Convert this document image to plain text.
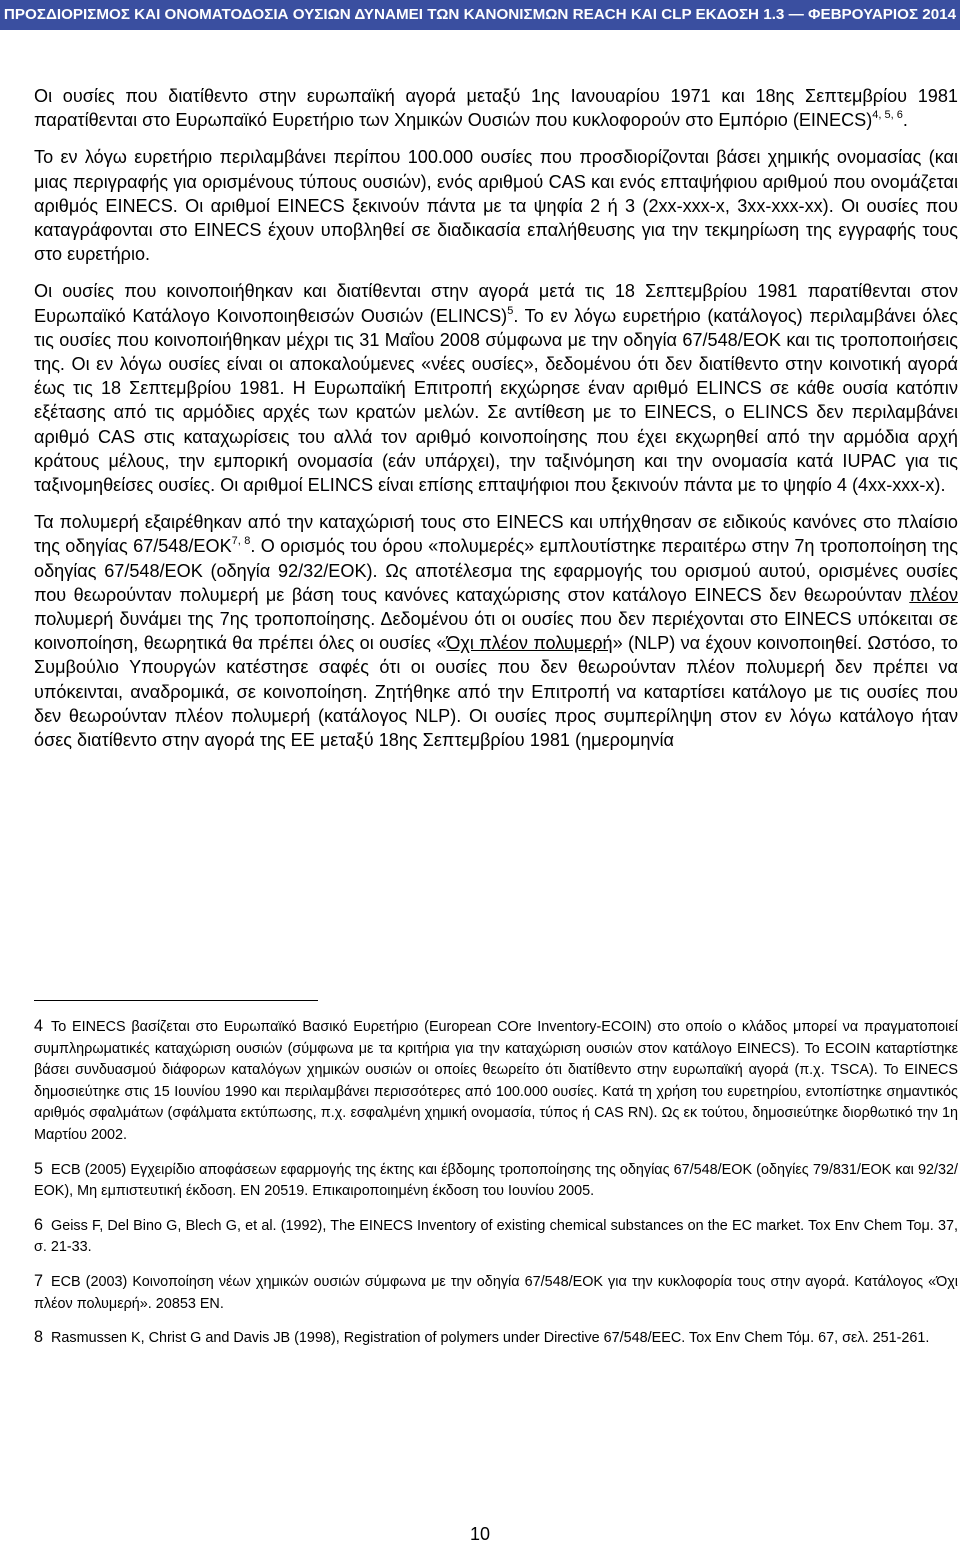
ΠΡΟΣΔΙΟΡΙΣΜΟΣ ΚΑΙ ΟΝΟΜΑΤΟΔΟΣΙΑ ΟΥΣΙΩΝ ΔΥΝΑΜΕΙ ΤΩΝ ΚΑΝΟΝΙΣΜΩΝ REACH ΚΑΙ CLP ΕΚΔΟΣΗ 1.3 — ΦΕΒΡΟΥΑΡΙΟΣ 2014

Οι ουσίες που διατίθεντο στην ευρωπαϊκή αγορά μεταξύ 1ης Ιανουαρίου 1971 και 18ης Σεπτεμβρίου 1981 παρατίθενται στο Ευρωπαϊκό Ευρετήριο των Χημικών Ουσιών που κυκλοφορούν στο Εμπόριο (EINECS)$^{4, 5, 6}$.

Το εν λόγω ευρετήριο περιλαμβάνει περίπου 100.000 ουσίες που προσδιορίζονται βάσει χημικής ονομασίας (και μιας περιγραφής για ορισμένους τύπους ουσιών), ενός αριθμού CAS και ενός επταψήφιου αριθμού που ονομάζεται αριθμός EINECS. Οι αριθμοί EINECS ξεκινούν πάντα με τα ψηφία 2 ή 3 (2xx-xxx-x, 3xx-xxx-xx). Οι ουσίες που καταγράφονται στο EINECS έχουν υποβληθεί σε διαδικασία επαλήθευσης για την τεκμηρίωση της εγγραφής τους στο ευρετήριο.

Οι ουσίες που κοινοποιήθηκαν και διατίθενται στην αγορά μετά τις 18 Σεπτεμβρίου 1981 παρατίθενται στον Ευρωπαϊκό Κατάλογο Κοινοποιηθεισών Ουσιών (ELINCS)$^5$. Το εν λόγω ευρετήριο (κατάλογος) περιλαμβάνει όλες τις ουσίες που κοινοποιήθηκαν μέχρι τις 31 Μαΐου 2008 σύμφωνα με την οδηγία 67/548/ΕΟΚ και τις τροποποιήσεις της. Οι εν λόγω ουσίες είναι οι αποκαλούμενες «νέες ουσίες», δεδομένου ότι δεν διατίθεντο στην κοινοτική αγορά έως τις 18 Σεπτεμβρίου 1981. Η Ευρωπαϊκή Επιτροπή εκχώρησε έναν αριθμό ELINCS σε κάθε ουσία κατόπιν εξέτασης από τις αρμόδιες αρχές των κρατών μελών. Σε αντίθεση με το EINECS, ο ELINCS δεν περιλαμβάνει αριθμό CAS στις καταχωρίσεις του αλλά τον αριθμό κοινοποίησης που έχει εκχωρηθεί από την αρμόδια αρχή κράτους μέλους, την εμπορική ονομασία (εάν υπάρχει), την ταξινόμηση και την ονομασία κατά IUPAC για τις ταξινομηθείσες ουσίες. Οι αριθμοί ELINCS είναι επίσης επταψήφιοι που ξεκινούν πάντα με το ψηφίο 4 (4xx-xxx-x).

Τα πολυμερή εξαιρέθηκαν από την καταχώρισή τους στο EINECS και υπήχθησαν σε ειδικούς κανόνες στο πλαίσιο της οδηγίας 67/548/ΕΟΚ$^{7, 8}$. Ο ορισμός του όρου «πολυμερές» εμπλουτίστηκε περαιτέρω στην 7η τροποποίηση της οδηγίας 67/548/ΕΟΚ (οδηγία 92/32/ΕΟΚ). Ως αποτέλεσμα της εφαρμογής του ορισμού αυτού, ορισμένες ουσίες που θεωρούνταν πολυμερή με βάση τους κανόνες καταχώρισης στον κατάλογο EINECS δεν θεωρούνταν πλέον πολυμερή δυνάμει της 7ης τροποποίησης. Δεδομένου ότι οι ουσίες που δεν περιέχονται στο EINECS υπόκειται σε κοινοποίηση, θεωρητικά θα πρέπει όλες οι ουσίες «Όχι πλέον πολυμερή» (NLP) να έχουν κοινοποιηθεί. Ωστόσο, το Συμβούλιο Υπουργών κατέστησε σαφές ότι οι ουσίες που δεν θεωρούνταν πλέον πολυμερή δεν πρέπει να υπόκεινται, αναδρομικά, σε κοινοποίηση. Ζητήθηκε από την Επιτροπή να καταρτίσει κατάλογο με τις ουσίες που δεν θεωρούνταν πλέον πολυμερή (κατάλογος NLP). Οι ουσίες προς συμπερίληψη στον εν λόγω κατάλογο ήταν όσες διατίθεντο στην αγορά της ΕΕ μεταξύ 18ης Σεπτεμβρίου 1981 (ημερομηνία

4 Το EINECS βασίζεται στο Ευρωπαϊκό Βασικό Ευρετήριο (European COre Inventory-ECOIN) στο οποίο ο κλάδος μπορεί να πραγματοποιεί συμπληρωματικές καταχώριση ουσιών (σύμφωνα με τα κριτήρια για την καταχώριση ουσιών στον κατάλογο EINECS). Το ECOIN καταρτίστηκε βάσει συνδυασμού διάφορων καταλόγων χημικών ουσιών οι οποίες θεωρείτο ότι διατίθεντο στην ευρωπαϊκή αγορά (π.χ. TSCA). Το EINECS δημοσιεύτηκε στις 15 Ιουνίου 1990 και περιλαμβάνει περισσότερες από 100.000 ουσίες. Κατά τη χρήση του ευρετηρίου, εντοπίστηκε σημαντικός αριθμός σφαλμάτων (σφάλματα εκτύπωσης, π.χ. εσφαλμένη χημική ονομασία, τύπος ή CAS RN). Ως εκ τούτου, δημοσιεύτηκε διορθωτικό την 1η Μαρτίου 2002.

5 ECB (2005) Εγχειρίδιο αποφάσεων εφαρμογής της έκτης και έβδομης τροποποίησης της οδηγίας 67/548/ΕΟΚ (οδηγίες 79/831/ΕΟΚ και 92/32/ΕΟΚ), Μη εμπιστευτική έκδοση. ΕΝ 20519. Επικαιροποιημένη έκδοση του Ιουνίου 2005.

6 Geiss F, Del Bino G, Blech G, et al. (1992), The EINECS Inventory of existing chemical substances on the EC market. Tox Env Chem Τομ. 37, σ. 21-33.

7 ECB (2003) Κοινοποίηση νέων χημικών ουσιών σύμφωνα με την οδηγία 67/548/ΕΟΚ για την κυκλοφορία τους στην αγορά. Κατάλογος «Όχι πλέον πολυμερή». 20853 ΕΝ.

8 Rasmussen K, Christ G and Davis JB (1998), Registration of polymers under Directive 67/548/EEC. Tox Env Chem Τόμ. 67, σελ. 251-261.

10
